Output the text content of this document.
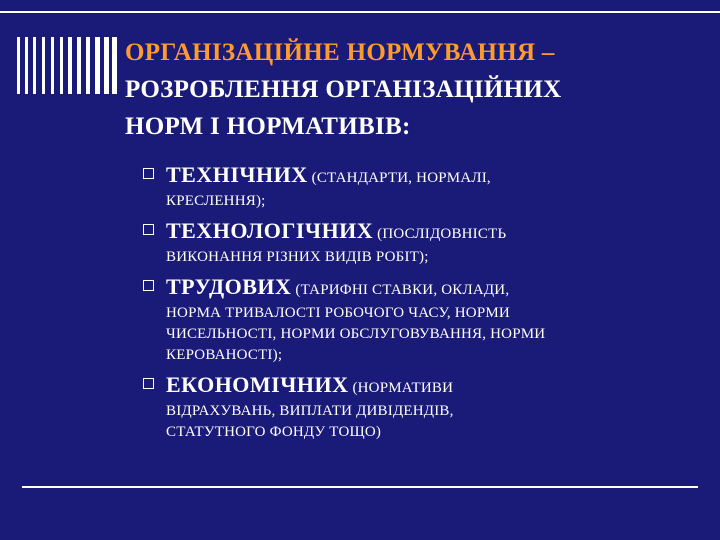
ОРГАНІЗАЦІЙНЕ НОРМУВАННЯ –
РОЗРОБЛЕННЯ ОРГАНІЗАЦІЙНИХ
НОРМ І НОРМАТИВІВ:
ТЕХНІЧНИХ (СТАНДАРТИ, НОРМАЛІ,
КРЕСЛЕННЯ);
ТЕХНОЛОГІЧНИХ (ПОСЛІДОВНІСТЬ
ВИКОНАННЯ РІЗНИХ ВИДІВ РОБІТ);
ТРУДОВИХ (ТАРИФНІ СТАВКИ, ОКЛАДИ,
НОРМА ТРИВАЛОСТІ РОБОЧОГО ЧАСУ, НОРМИ
ЧИСЕЛЬНОСТІ, НОРМИ ОБСЛУГОВУВАННЯ, НОРМИ
КЕРОВАНОСТІ);
ЕКОНОМІЧНИХ (НОРМАТИВИ
ВІДРАХУВАНЬ, ВИПЛАТИ ДИВІДЕНДІВ,
СТАТУТНОГО ФОНДУ ТОЩО)
